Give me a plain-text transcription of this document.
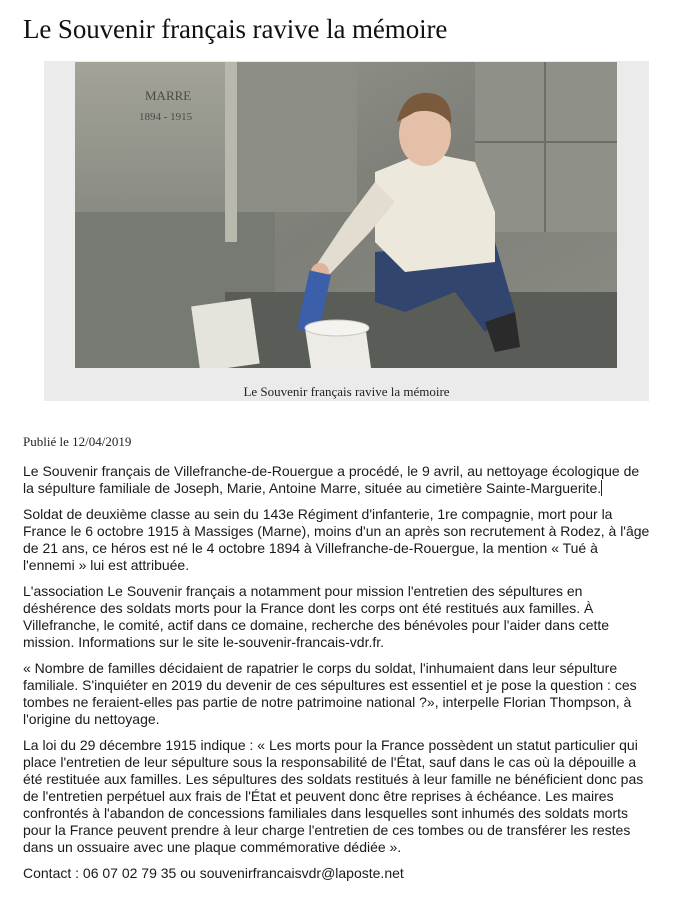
Le Souvenir français ravive la mémoire
MARRE
1894 - 1915
Le Souvenir français ravive la mémoire
Publié le 12/04/2019

Le Souvenir français de Villefranche-de-Rouergue a procédé, le 9 avril, au nettoyage écologique de la sépulture familiale de Joseph, Marie, Antoine Marre, située au cimetière Sainte-Marguerite.

Soldat de deuxième classe au sein du 143e Régiment d'infanterie, 1re compagnie, mort pour la France le 6 octobre 1915 à Massiges (Marne), moins d'un an après son recrutement à Rodez, à l'âge de 21 ans, ce héros est né le 4 octobre 1894 à Villefranche-de-Rouergue, la mention « Tué à l'ennemi » lui est attribuée.

L'association Le Souvenir français a notamment pour mission l'entretien des sépultures en déshérence des soldats morts pour la France dont les corps ont été restitués aux familles. À Villefranche, le comité, actif dans ce domaine, recherche des bénévoles pour l'aider dans cette mission. Informations sur le site le-souvenir-francais-vdr.fr.

« Nombre de familles décidaient de rapatrier le corps du soldat, l'inhumaient dans leur sépulture familiale. S'inquiéter en 2019 du devenir de ces sépultures est essentiel et je pose la question : ces tombes ne feraient-elles pas partie de notre patrimoine national ?», interpelle Florian Thompson, à l'origine du nettoyage.

La loi du 29 décembre 1915 indique : « Les morts pour la France possèdent un statut particulier qui place l'entretien de leur sépulture sous la responsabilité de l'État, sauf dans le cas où la dépouille a été restituée aux familles. Les sépultures des soldats restitués à leur famille ne bénéficient donc pas de l'entretien perpétuel aux frais de l'État et peuvent donc être reprises à échéance. Les maires confrontés à l'abandon de concessions familiales dans lesquelles sont inhumés des soldats morts pour la France peuvent prendre à leur charge l'entretien de ces tombes ou de transférer les restes dans un ossuaire avec une plaque commémorative dédiée ».

Contact : 06 07 02 79 35 ou souvenirfrancaisvdr@laposte.net
